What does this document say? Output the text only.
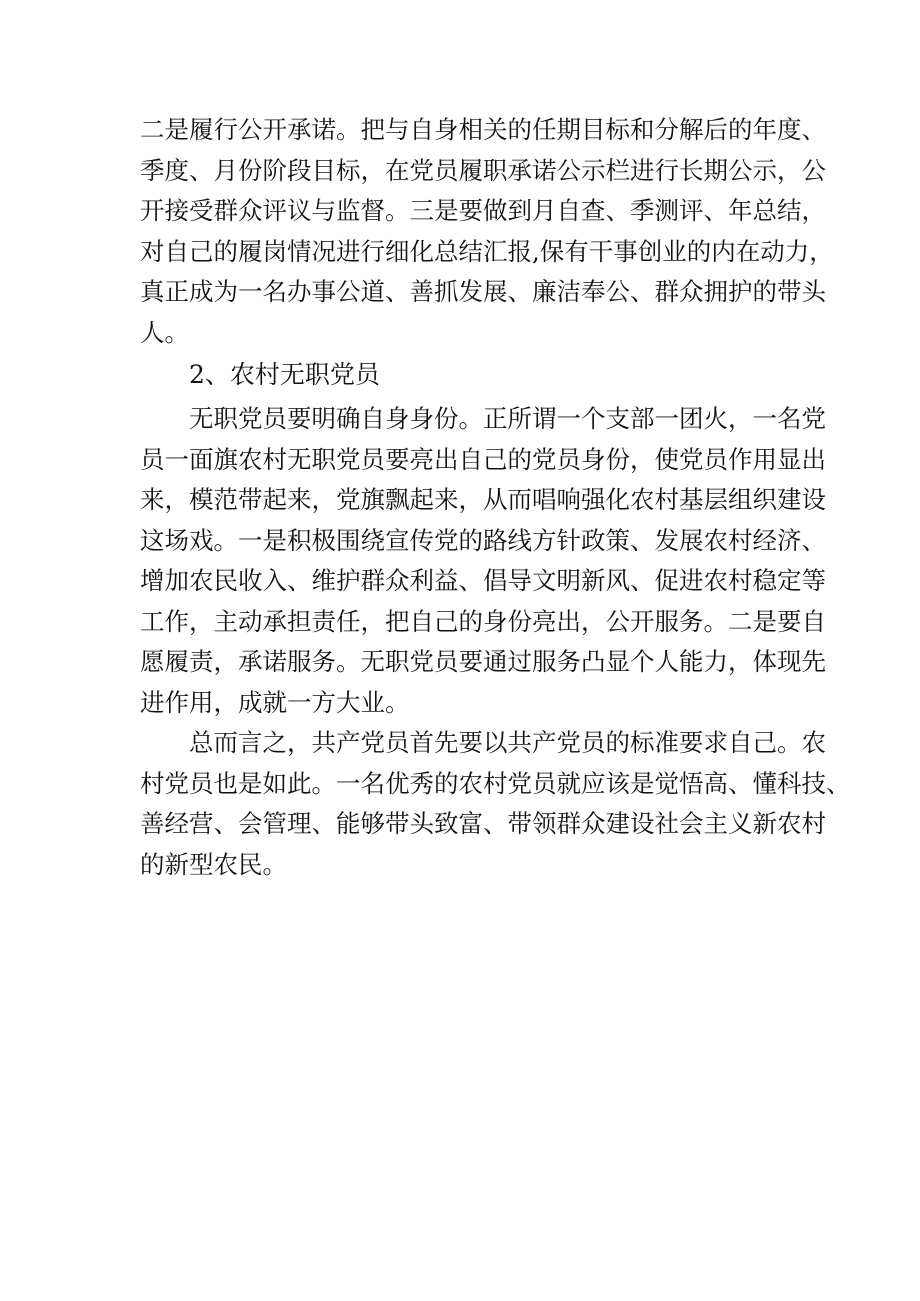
二是履行公开承诺。把与自身相关的任期目标和分解后的年度、
季度、月份阶段目标，在党员履职承诺公示栏进行长期公示，公
开接受群众评议与监督。三是要做到月自查、季测评、年总结，
对自己的履岗情况进行细化总结汇报,保有干事创业的内在动力，
真正成为一名办事公道、善抓发展、廉洁奉公、群众拥护的带头
人。
2、农村无职党员
无职党员要明确自身身份。正所谓一个支部一团火，一名党
员一面旗农村无职党员要亮出自己的党员身份，使党员作用显出
来，模范带起来，党旗飘起来，从而唱响强化农村基层组织建设
这场戏。一是积极围绕宣传党的路线方针政策、发展农村经济、
增加农民收入、维护群众利益、倡导文明新风、促进农村稳定等
工作，主动承担责任，把自己的身份亮出，公开服务。二是要自
愿履责，承诺服务。无职党员要通过服务凸显个人能力，体现先
进作用，成就一方大业。
总而言之，共产党员首先要以共产党员的标准要求自己。农
村党员也是如此。一名优秀的农村党员就应该是觉悟高、懂科技、
善经营、会管理、能够带头致富、带领群众建设社会主义新农村
的新型农民。
